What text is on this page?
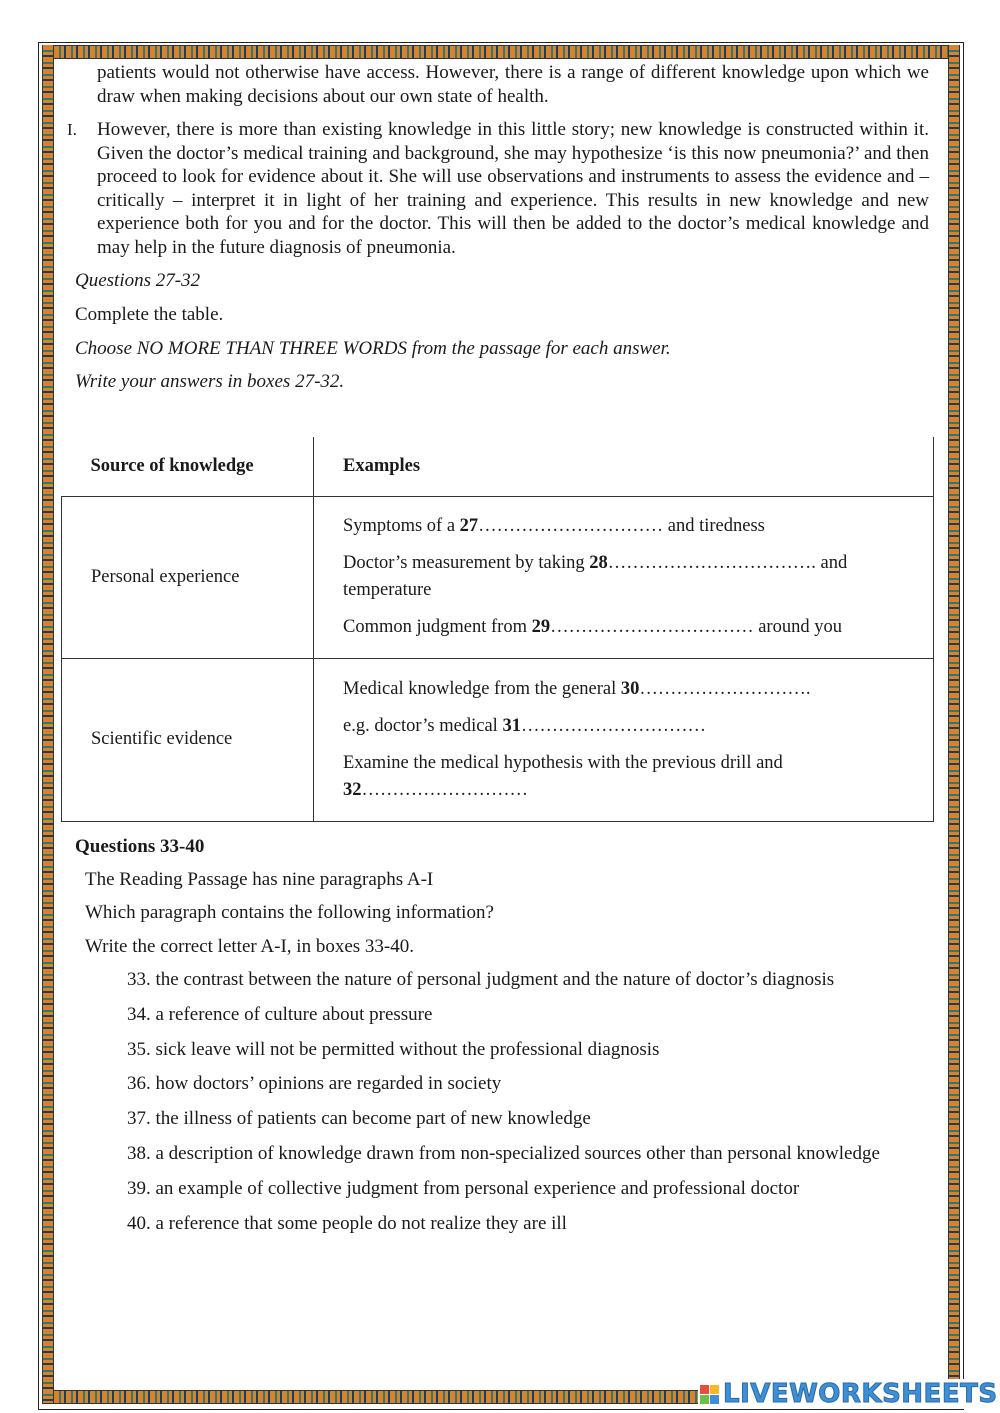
patients would not otherwise have access. However, there is a range of different knowledge upon which we draw when making decisions about our own state of health.
I. However, there is more than existing knowledge in this little story; new knowledge is constructed within it. Given the doctor’s medical training and background, she may hypothesize ‘is this now pneumonia?’ and then proceed to look for evidence about it. She will use observations and instruments to assess the evidence and – critically – interpret it in light of her training and experience. This results in new knowledge and new experience both for you and for the doctor. This will then be added to the doctor’s medical knowledge and may help in the future diagnosis of pneumonia.
Questions 27-32
Complete the table.
Choose NO MORE THAN THREE WORDS from the passage for each answer.
Write your answers in boxes 27-32.
Source of knowledge	Examples
Personal experience	Symptoms of a 27………………………… and tiredness

Doctor’s measurement by taking 28……………………………. and temperature

Common judgment from 29…………………………… around you

Scientific evidence	Medical knowledge from the general 30……………………….

e.g. doctor’s medical 31…………………………

Examine the medical hypothesis with the previous drill and 32………………………

Questions 33-40
The Reading Passage has nine paragraphs A-I
Which paragraph contains the following information?
Write the correct letter A-I, in boxes 33-40.
33. the contrast between the nature of personal judgment and the nature of doctor’s diagnosis
34. a reference of culture about pressure
35. sick leave will not be permitted without the professional diagnosis
36. how doctors’ opinions are regarded in society
37. the illness of patients can become part of new knowledge
38. a description of knowledge drawn from non-specialized sources other than personal knowledge
39. an example of collective judgment from personal experience and professional doctor
40. a reference that some people do not realize they are ill
LIVEWORKSHEETS
